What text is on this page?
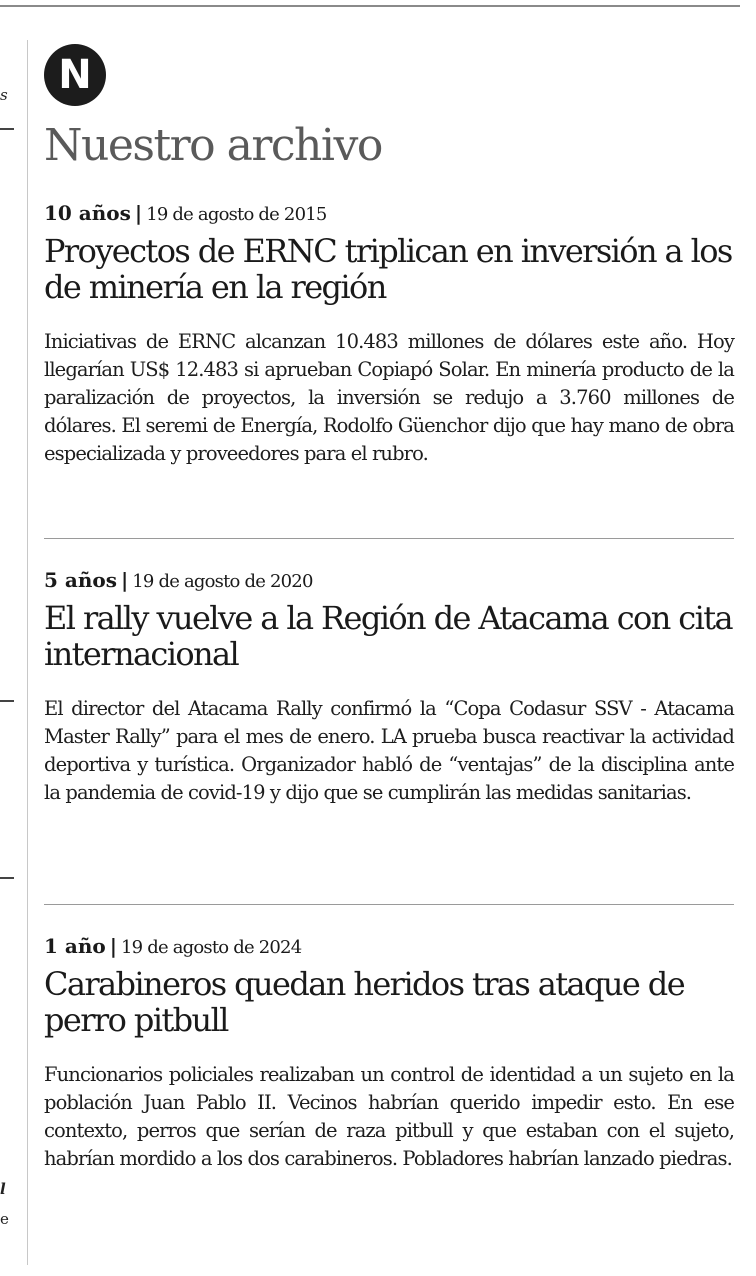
s
l
e
N
Nuestro archivo

10 años | 19 de agosto de 2015

Proyectos de ERNC triplican en inversión a los de minería en la región

Iniciativas de ERNC alcanzan 10.483 millones de dólares este año. Hoy llegarían US$ 12.483 si aprueban Copiapó Solar. En minería producto de la paralización de proyectos, la inversión se redujo a 3.760 millones de dólares. El seremi de Energía, Rodolfo Güenchor dijo que hay mano de obra especializada y proveedores para el rubro.

5 años | 19 de agosto de 2020

El rally vuelve a la Región de Atacama con cita internacional

El director del Atacama Rally confirmó la “Copa Codasur SSV - Atacama Master Rally” para el mes de enero. LA prueba busca reactivar la actividad deportiva y turística. Organizador habló de “ventajas” de la disciplina ante la pandemia de covid-19 y dijo que se cumplirán las medidas sanitarias.

1 año | 19 de agosto de 2024

Carabineros quedan heridos tras ataque de perro pitbull

Funcionarios policiales realizaban un control de identidad a un sujeto en la población Juan Pablo II. Vecinos habrían querido impedir esto. En ese contexto, perros que serían de raza pitbull y que estaban con el sujeto, habrían mordido a los dos carabineros. Pobladores habrían lanzado piedras.
